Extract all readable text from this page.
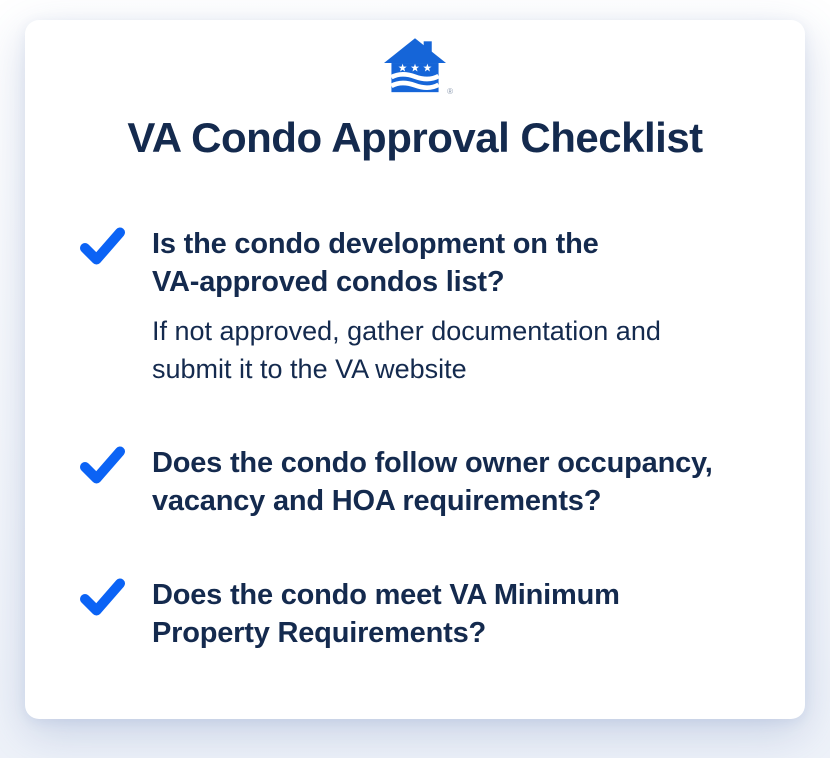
®
VA Condo Approval Checklist
Is the condo development on the
VA-approved condos list?
If not approved, gather documentation and
submit it to the VA website
Does the condo follow owner occupancy,
vacancy and HOA requirements?
Does the condo meet VA Minimum
Property Requirements?
